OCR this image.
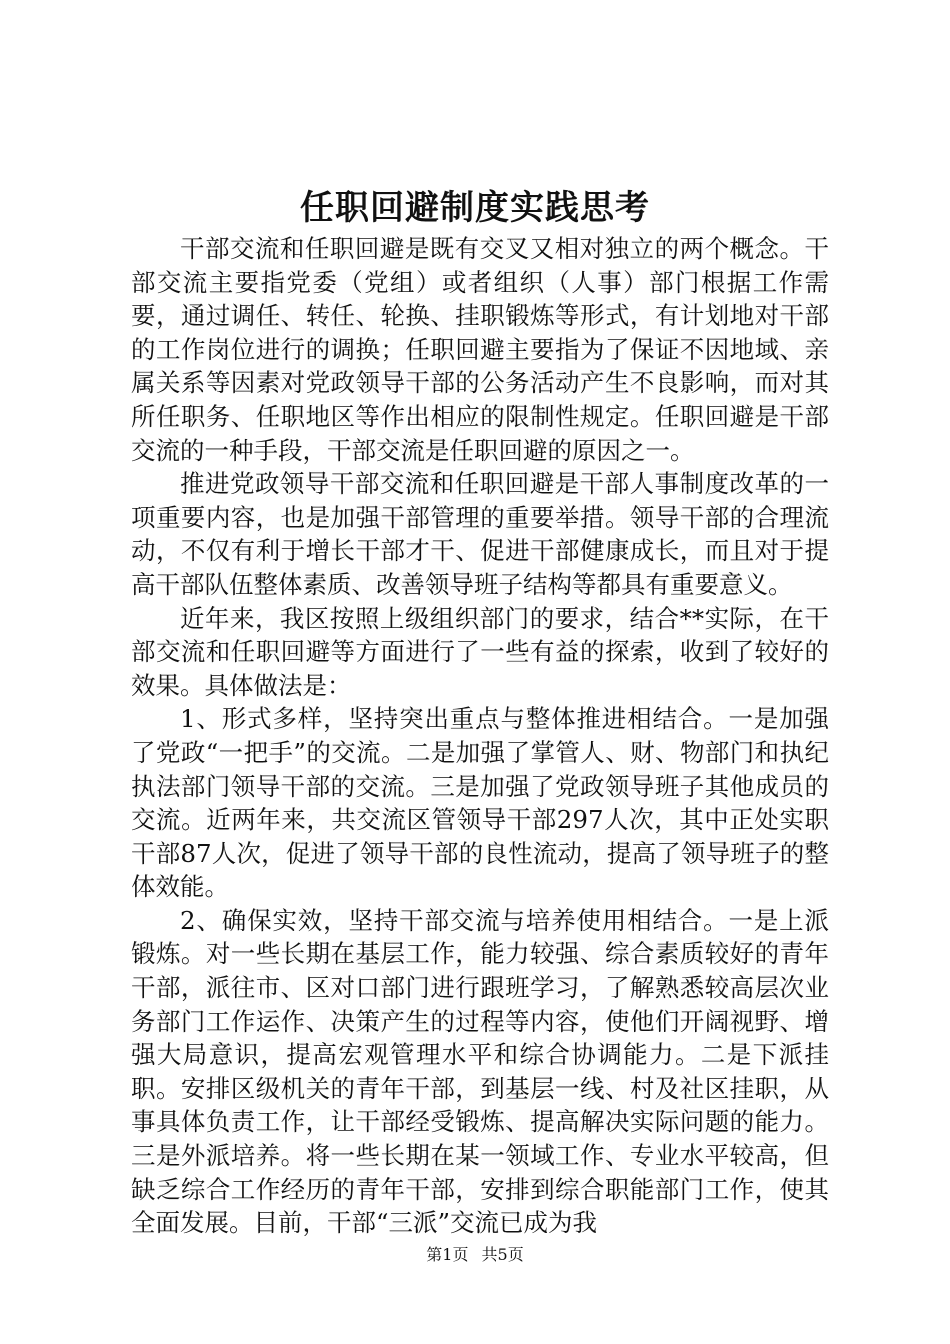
任职回避制度实践思考

干部交流和任职回避是既有交叉又相对独立的两个概念。干部交流主要指党委（党组）或者组织（人事）部门根据工作需要，通过调任、转任、轮换、挂职锻炼等形式，有计划地对干部的工作岗位进行的调换；任职回避主要指为了保证不因地域、亲属关系等因素对党政领导干部的公务活动产生不良影响，而对其所任职务、任职地区等作出相应的限制性规定。任职回避是干部交流的一种手段，干部交流是任职回避的原因之一。

推进党政领导干部交流和任职回避是干部人事制度改革的一项重要内容，也是加强干部管理的重要举措。领导干部的合理流动，不仅有利于增长干部才干、促进干部健康成长，而且对于提高干部队伍整体素质、改善领导班子结构等都具有重要意义。

近年来，我区按照上级组织部门的要求，结合**实际，在干部交流和任职回避等方面进行了一些有益的探索，收到了较好的效果。具体做法是：

1、形式多样，坚持突出重点与整体推进相结合。一是加强了党政“一把手”的交流。二是加强了掌管人、财、物部门和执纪执法部门领导干部的交流。三是加强了党政领导班子其他成员的交流。近两年来，共交流区管领导干部297人次，其中正处实职干部87人次，促进了领导干部的良性流动，提高了领导班子的整体效能。

2、确保实效，坚持干部交流与培养使用相结合。一是上派锻炼。对一些长期在基层工作，能力较强、综合素质较好的青年干部，派往市、区对口部门进行跟班学习，了解熟悉较高层次业务部门工作运作、决策产生的过程等内容，使他们开阔视野、增强大局意识，提高宏观管理水平和综合协调能力。二是下派挂职。安排区级机关的青年干部，到基层一线、村及社区挂职，从事具体负责工作，让干部经受锻炼、提高解决实际问题的能力。三是外派培养。将一些长期在某一领域工作、专业水平较高，但缺乏综合工作经历的青年干部，安排到综合职能部门工作，使其全面发展。目前，干部“三派”交流已成为我

第1页 共5页
